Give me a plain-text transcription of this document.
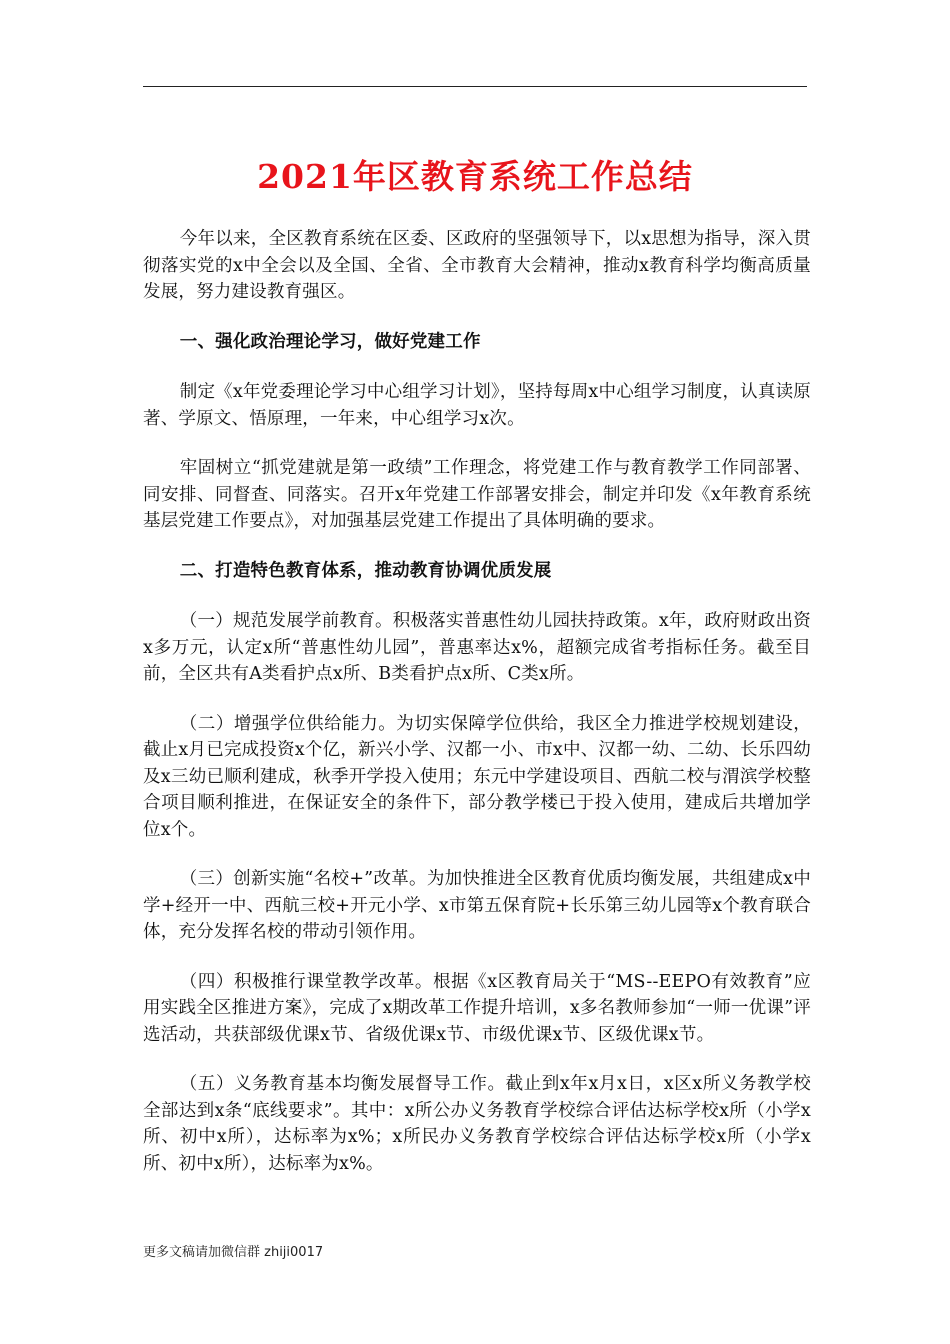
2021年区教育系统工作总结

今年以来，全区教育系统在区委、区政府的坚强领导下，以x思想为指导，深入贯彻落实党的x中全会以及全国、全省、全市教育大会精神，推动x教育科学均衡高质量发展，努力建设教育强区。

一、强化政治理论学习，做好党建工作

制定《x年党委理论学习中心组学习计划》，坚持每周x中心组学习制度，认真读原著、学原文、悟原理，一年来，中心组学习x次。

牢固树立“抓党建就是第一政绩”工作理念，将党建工作与教育教学工作同部署、同安排、同督查、同落实。召开x年党建工作部署安排会，制定并印发《x年教育系统基层党建工作要点》，对加强基层党建工作提出了具体明确的要求。

二、打造特色教育体系，推动教育协调优质发展

（一）规范发展学前教育。积极落实普惠性幼儿园扶持政策。x年，政府财政出资x多万元，认定x所“普惠性幼儿园”，普惠率达x%，超额完成省考指标任务。截至目前，全区共有A类看护点x所、B类看护点x所、C类x所。

（二）增强学位供给能力。为切实保障学位供给，我区全力推进学校规划建设，截止x月已完成投资x个亿，新兴小学、汉都一小、市x中、汉都一幼、二幼、长乐四幼及x三幼已顺利建成，秋季开学投入使用；东元中学建设项目、西航二校与渭滨学校整合项目顺利推进，在保证安全的条件下，部分教学楼已于投入使用，建成后共增加学位x个。

（三）创新实施“名校+”改革。为加快推进全区教育优质均衡发展，共组建成x中学+经开一中、西航三校+开元小学、x市第五保育院+长乐第三幼儿园等x个教育联合体，充分发挥名校的带动引领作用。

（四）积极推行课堂教学改革。根据《x区教育局关于“MS--EEPO有效教育”应用实践全区推进方案》，完成了x期改革工作提升培训，x多名教师参加“一师一优课”评选活动，共获部级优课x节、省级优课x节、市级优课x节、区级优课x节。

（五）义务教育基本均衡发展督导工作。截止到x年x月x日，x区x所义务教学校全部达到x条“底线要求”。其中：x所公办义务教育学校综合评估达标学校x所（小学x所、初中x所），达标率为x%；x所民办义务教育学校综合评估达标学校x所（小学x所、初中x所），达标率为x%。

更多文稿请加微信群 zhiji0017
